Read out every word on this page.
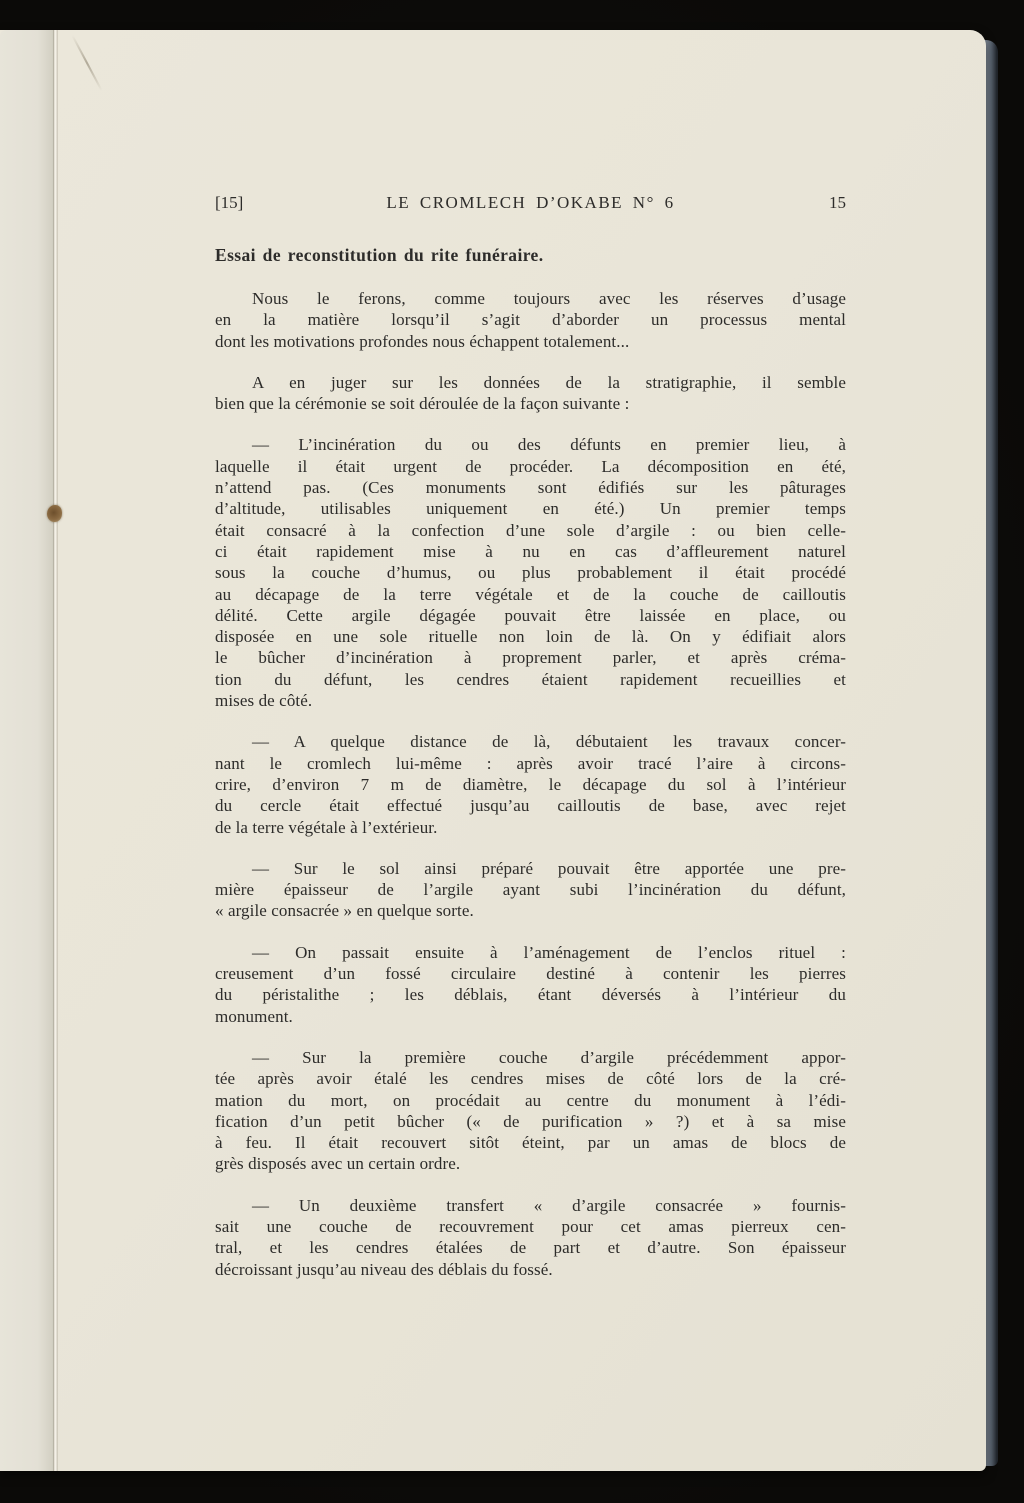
[15]	LE CROMLECH D’OKABE N° 6	15
Essai de reconstitution du rite funéraire.
Nous le ferons, comme toujours avec les réserves d’usage
en la matière lorsqu’il s’agit d’aborder un processus mental
dont les motivations profondes nous échappent totalement...
A en juger sur les données de la stratigraphie, il semble
bien que la cérémonie se soit déroulée de la façon suivante :
— L’incinération du ou des défunts en premier lieu, à
laquelle il était urgent de procéder. La décomposition en été,
n’attend pas. (Ces monuments sont édifiés sur les pâturages
d’altitude, utilisables uniquement en été.) Un premier temps
était consacré à la confection d’une sole d’argile : ou bien celle-
ci était rapidement mise à nu en cas d’affleurement naturel
sous la couche d’humus, ou plus probablement il était procédé
au décapage de la terre végétale et de la couche de cailloutis
délité. Cette argile dégagée pouvait être laissée en place, ou
disposée en une sole rituelle non loin de là. On y édifiait alors
le bûcher d’incinération à proprement parler, et après créma-
tion du défunt, les cendres étaient rapidement recueillies et
mises de côté.
— A quelque distance de là, débutaient les travaux concer-
nant le cromlech lui-même : après avoir tracé l’aire à circons-
crire, d’environ 7 m de diamètre, le décapage du sol à l’intérieur
du cercle était effectué jusqu’au cailloutis de base, avec rejet
de la terre végétale à l’extérieur.
— Sur le sol ainsi préparé pouvait être apportée une pre-
mière épaisseur de l’argile ayant subi l’incinération du défunt,
« argile consacrée » en quelque sorte.
— On passait ensuite à l’aménagement de l’enclos rituel :
creusement d’un fossé circulaire destiné à contenir les pierres
du péristalithe ; les déblais, étant déversés à l’intérieur du
monument.
— Sur la première couche d’argile précédemment appor-
tée après avoir étalé les cendres mises de côté lors de la cré-
mation du mort, on procédait au centre du monument à l’édi-
fication d’un petit bûcher (« de purification » ?) et à sa mise
à feu. Il était recouvert sitôt éteint, par un amas de blocs de
grès disposés avec un certain ordre.
— Un deuxième transfert « d’argile consacrée » fournis-
sait une couche de recouvrement pour cet amas pierreux cen-
tral, et les cendres étalées de part et d’autre. Son épaisseur
décroissant jusqu’au niveau des déblais du fossé.
